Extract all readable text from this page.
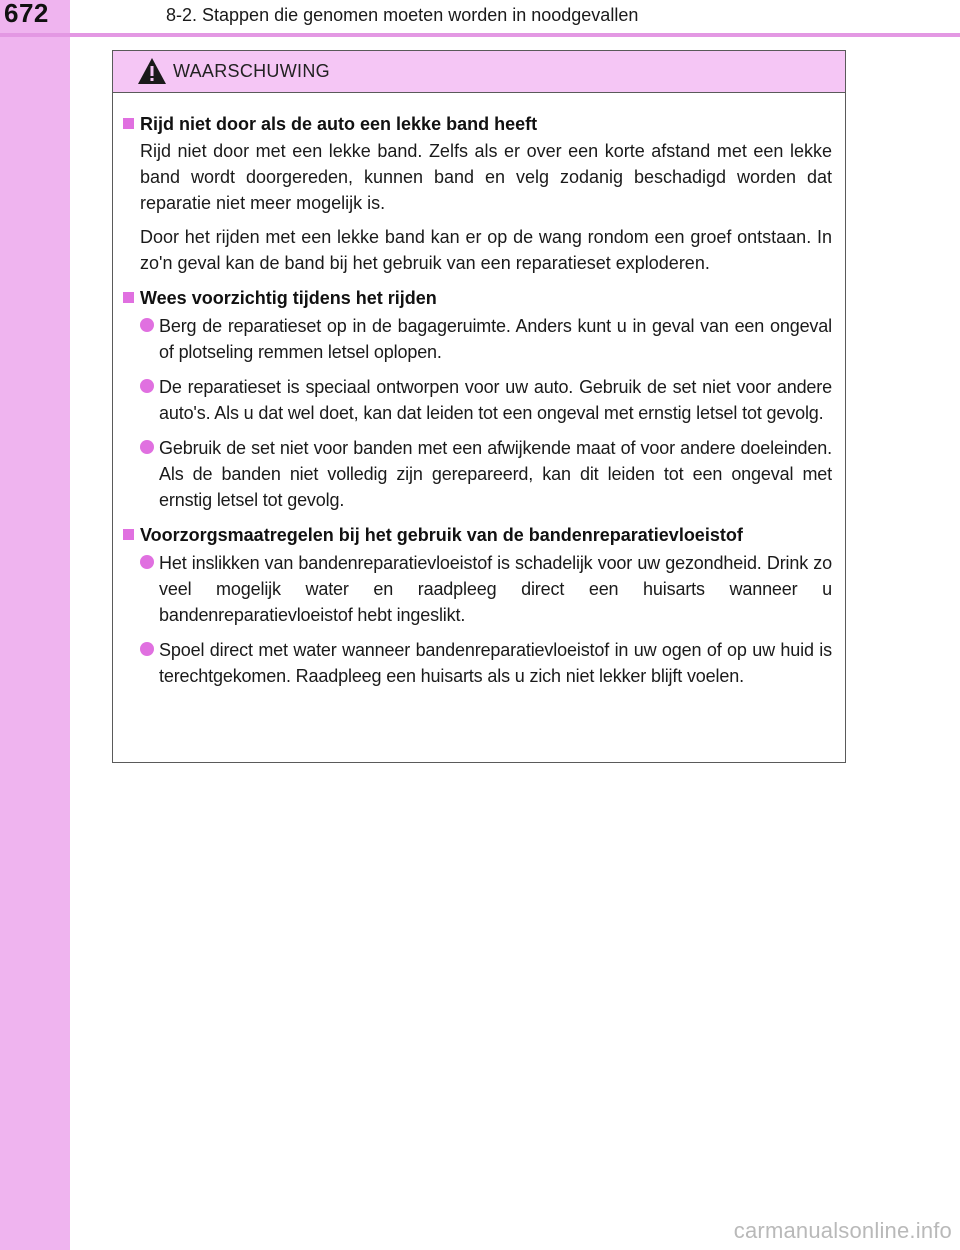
672	8-2. Stappen die genomen moeten worden in noodgevallen
WAARSCHUWING
Rijd niet door als de auto een lekke band heeft
Rijd niet door met een lekke band. Zelfs als er over een korte afstand met een lekke band wordt doorgereden, kunnen band en velg zodanig beschadigd worden dat reparatie niet meer mogelijk is.
Door het rijden met een lekke band kan er op de wang rondom een groef ontstaan. In zo'n geval kan de band bij het gebruik van een reparatieset exploderen.
Wees voorzichtig tijdens het rijden
Berg de reparatieset op in de bagageruimte. Anders kunt u in geval van een ongeval of plotseling remmen letsel oplopen.
De reparatieset is speciaal ontworpen voor uw auto. Gebruik de set niet voor andere auto's. Als u dat wel doet, kan dat leiden tot een ongeval met ernstig letsel tot gevolg.
Gebruik de set niet voor banden met een afwijkende maat of voor andere doeleinden. Als de banden niet volledig zijn gerepareerd, kan dit leiden tot een ongeval met ernstig letsel tot gevolg.
Voorzorgsmaatregelen bij het gebruik van de bandenreparatievloeistof
Het inslikken van bandenreparatievloeistof is schadelijk voor uw gezondheid. Drink zo veel mogelijk water en raadpleeg direct een huisarts wanneer u bandenreparatievloeistof hebt ingeslikt.
Spoel direct met water wanneer bandenreparatievloeistof in uw ogen of op uw huid is terechtgekomen. Raadpleeg een huisarts als u zich niet lekker blijft voelen.
carmanualsonline.info
